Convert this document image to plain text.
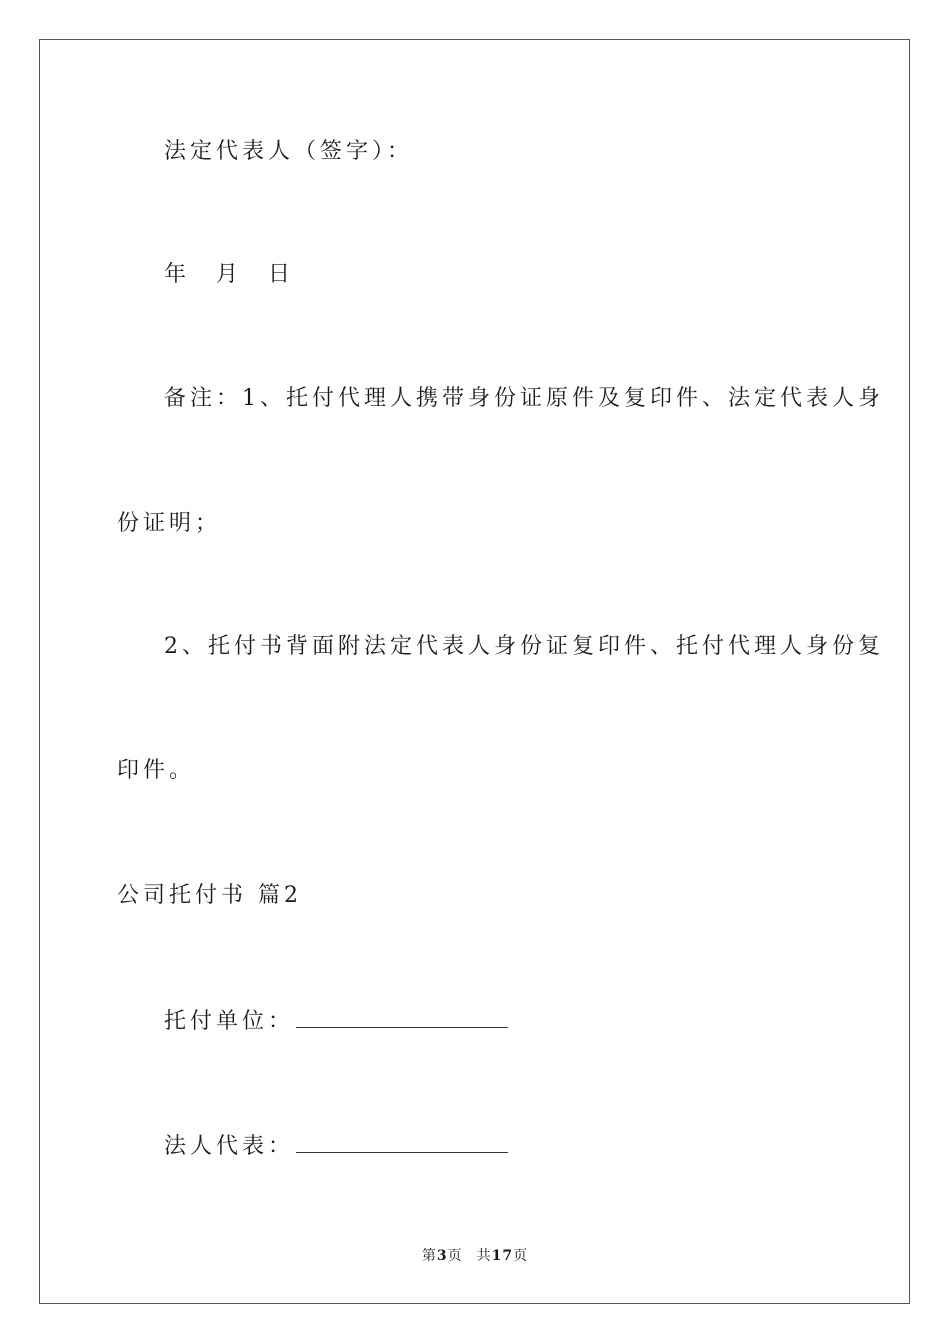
法定代表人（签字）：
年 月 日
备注：1、托付代理人携带身份证原件及复印件、法定代表人身
份证明；
2、托付书背面附法定代表人身份证复印件、托付代理人身份复
印件。
公司托付书 篇2
托付单位：
法人代表：
第3页 共17页
